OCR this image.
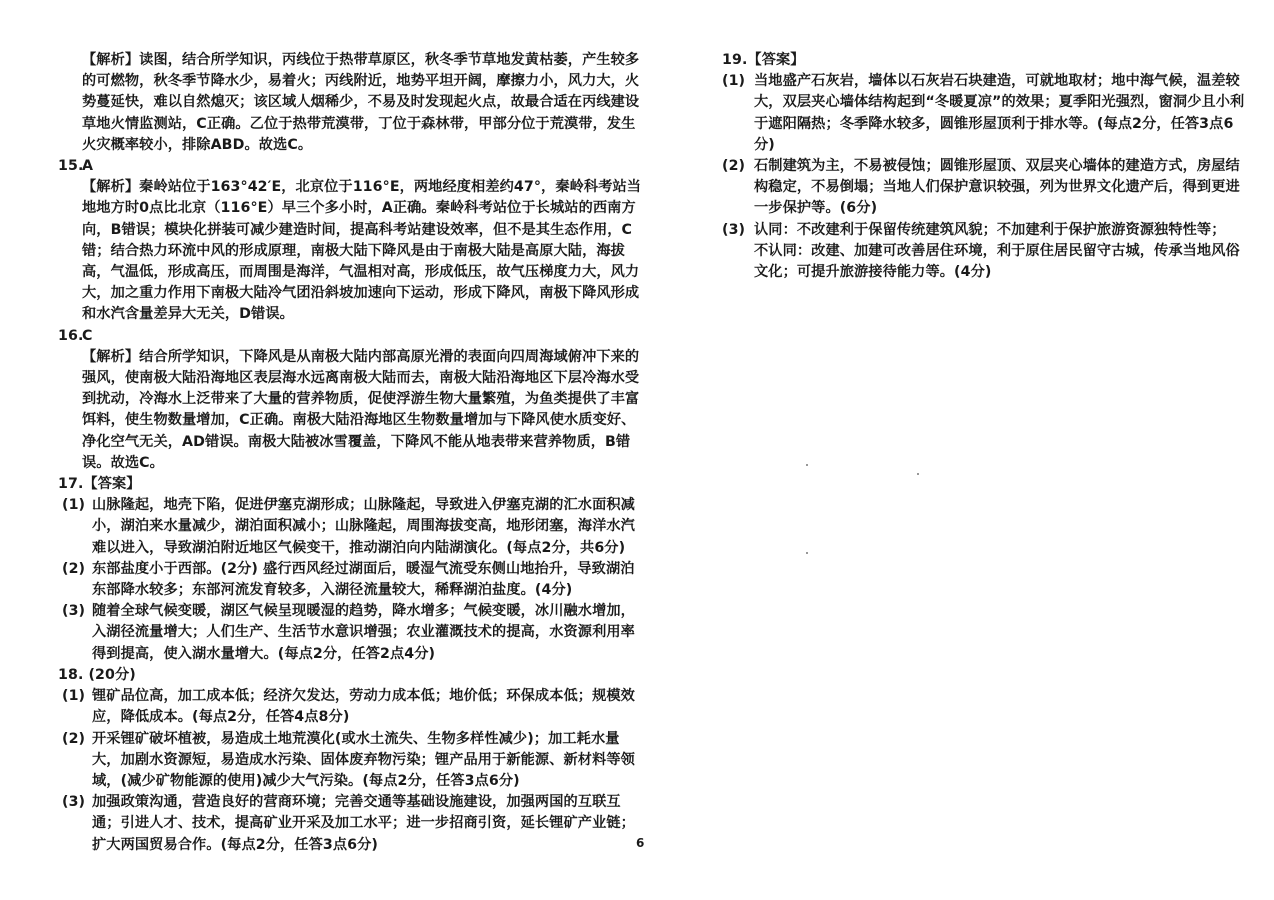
【解析】读图，结合所学知识，丙线位于热带草原区，秋冬季节草地发黄枯萎，产生较多的可燃物，秋冬季节降水少，易着火；丙线附近，地势平坦开阔，摩擦力小，风力大，火势蔓延快，难以自然熄灭；该区域人烟稀少，不易及时发现起火点，故最合适在丙线建设草地火情监测站，C正确。乙位于热带荒漠带，丁位于森林带，甲部分位于荒漠带，发生火灾概率较小，排除ABD。故选C。
15.
A
【解析】秦岭站位于163°42′E，北京位于116°E，两地经度相差约47°，秦岭科考站当地地方时0点比北京（116°E）早三个多小时，A正确。秦岭科考站位于长城站的西南方向，B错误；模块化拼装可减少建造时间，提高科考站建设效率，但不是其生态作用，C错；结合热力环流中风的形成原理，南极大陆下降风是由于南极大陆是高原大陆，海拔高，气温低，形成高压，而周围是海洋，气温相对高，形成低压，故气压梯度力大，风力大，加之重力作用下南极大陆冷气团沿斜坡加速向下运动，形成下降风，南极下降风形成和水汽含量差异大无关，D错误。
16.
C
【解析】结合所学知识，下降风是从南极大陆内部高原光滑的表面向四周海域俯冲下来的强风，使南极大陆沿海地区表层海水远离南极大陆而去，南极大陆沿海地区下层冷海水受到扰动，冷海水上泛带来了大量的营养物质，促使浮游生物大量繁殖，为鱼类提供了丰富饵料，使生物数量增加，C正确。南极大陆沿海地区生物数量增加与下降风使水质变好、净化空气无关，AD错误。南极大陆被冰雪覆盖，下降风不能从地表带来营养物质，B错误。故选C。
17.【答案】
(1) 山脉隆起，地壳下陷，促进伊塞克湖形成；山脉隆起，导致进入伊塞克湖的汇水面积减小，湖泊来水量减少，湖泊面积减小；山脉隆起，周围海拔变高，地形闭塞，海洋水汽难以进入，导致湖泊附近地区气候变干，推动湖泊向内陆湖演化。(每点2分，共6分)
(2) 东部盐度小于西部。(2分) 盛行西风经过湖面后，暖湿气流受东侧山地抬升，导致湖泊东部降水较多；东部河流发育较多，入湖径流量较大，稀释湖泊盐度。(4分)
(3) 随着全球气候变暖，湖区气候呈现暖湿的趋势，降水增多；气候变暖，冰川融水增加，入湖径流量增大；人们生产、生活节水意识增强；农业灌溉技术的提高，水资源利用率得到提高，使入湖水量增大。(每点2分，任答2点4分)
18. (20分)
(1) 锂矿品位高，加工成本低；经济欠发达，劳动力成本低；地价低；环保成本低；规模效应，降低成本。(每点2分，任答4点8分)
(2) 开采锂矿破坏植被，易造成土地荒漠化(或水土流失、生物多样性减少)；加工耗水量大，加剧水资源短，易造成水污染、固体废弃物污染；锂产品用于新能源、新材料等领域，(减少矿物能源的使用)减少大气污染。(每点2分，任答3点6分)
(3) 加强政策沟通，营造良好的营商环境；完善交通等基础设施建设，加强两国的互联互通；引进人才、技术，提高矿业开采及加工水平；进一步招商引资，延长锂矿产业链；扩大两国贸易合作。(每点2分，任答3点6分)
19.【答案】
(1) 当地盛产石灰岩，墙体以石灰岩石块建造，可就地取材；地中海气候，温差较大，双层夹心墙体结构起到“冬暖夏凉”的效果；夏季阳光强烈，窗洞少且小利于遮阳隔热；冬季降水较多，圆锥形屋顶利于排水等。(每点2分，任答3点6分)
(2) 石制建筑为主，不易被侵蚀；圆锥形屋顶、双层夹心墙体的建造方式，房屋结构稳定，不易倒塌；当地人们保护意识较强，列为世界文化遗产后，得到更进一步保护等。(6分)
(3) 认同：不改建利于保留传统建筑风貌；不加建利于保护旅游资源独特性等；
不认同：改建、加建可改善居住环境，利于原住居民留守古城，传承当地风俗文化；可提升旅游接待能力等。(4分)
6
